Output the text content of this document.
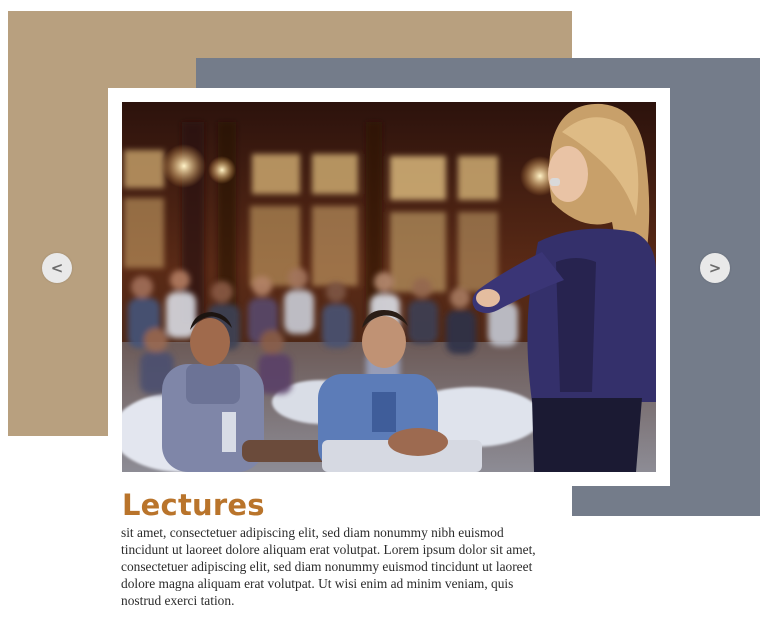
Lectures

sit amet, consectetuer adipiscing elit, sed diam nonummy nibh euismod tincidunt ut laoreet dolore aliquam erat volutpat. Lorem ipsum dolor sit amet, consectetuer adipiscing elit, sed diam nonummy euismod tincidunt ut laoreet dolore magna aliquam erat volutpat. Ut wisi enim ad minim veniam, quis nostrud exerci tation.

<	>
